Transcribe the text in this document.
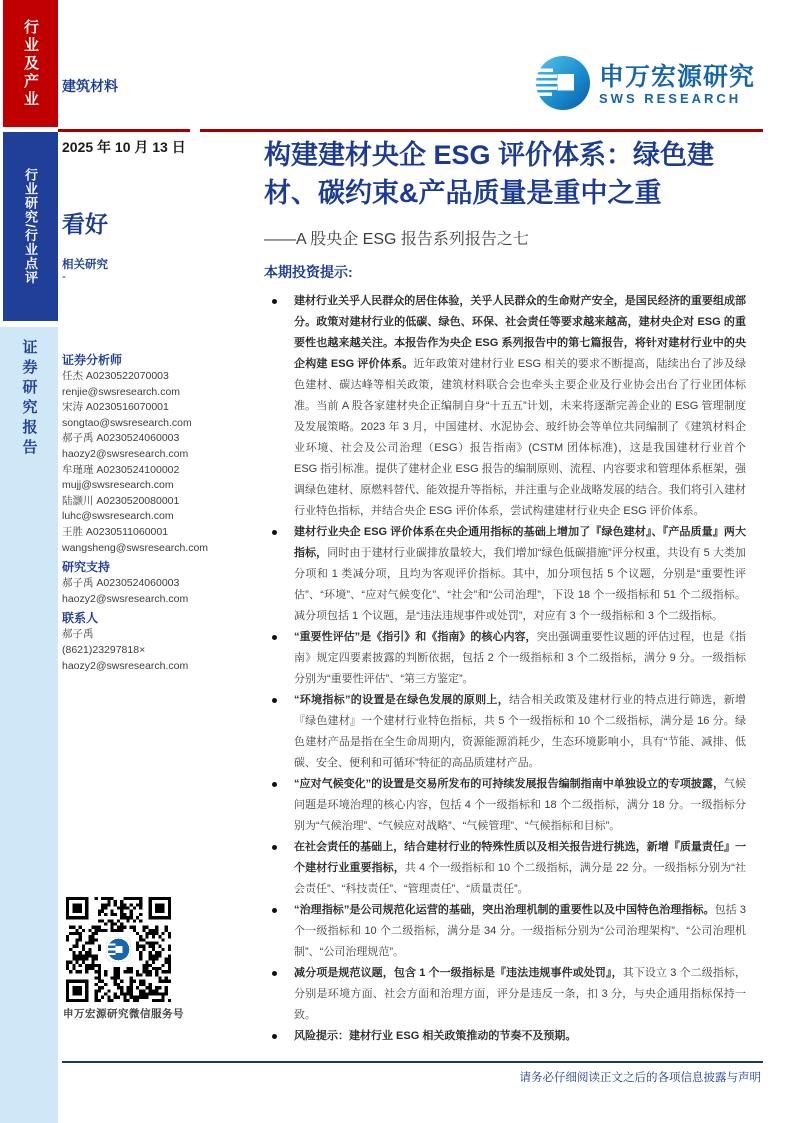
行业及产业
行业研究/行业点评
证券研究报告
建筑材料	申万宏源研究
SWS RESEARCH
2025 年 10 月 13 日
看好
相关研究
-
证券分析师
任杰 A0230522070003
renjie@swsresearch.com
宋涛 A0230516070001
songtao@swsresearch.com
郝子禹 A0230524060003
haozy2@swsresearch.com
牟瑾瑾 A0230524100002
mujj@swsresearch.com
陆灏川 A0230520080001
luhc@swsresearch.com
王胜 A0230511060001
wangsheng@swsresearch.com
研究支持
郝子禹 A0230524060003
haozy2@swsresearch.com
联系人
郝子禹
(8621)23297818×
haozy2@swsresearch.com
申万宏源研究微信服务号
构建建材央企 ESG 评价体系：绿色建材、碳约束&产品质量是重中之重
——A 股央企 ESG 报告系列报告之七
本期投资提示:
建材行业关乎人民群众的居住体验，关乎人民群众的生命财产安全，是国民经济的重要组成部分。政策对建材行业的低碳、绿色、环保、社会责任等要求越来越高，建材央企对 ESG 的重要性也越来越关注。本报告作为央企 ESG 系列报告中的第七篇报告，将针对建材行业中的央企构建 ESG 评价体系。近年政策对建材行业 ESG 相关的要求不断提高，陆续出台了涉及绿色建材、碳达峰等相关政策，建筑材料联合会也牵头主要企业及行业协会出台了行业团体标准。当前 A 股各家建材央企正编制自身“十五五”计划，未来将逐渐完善企业的 ESG 管理制度及发展策略。2023 年 3 月，中国建材、水泥协会、玻纤协会等单位共同编制了《建筑材料企业环境、社会及公司治理（ESG）报告指南》(CSTM 团体标准)，这是我国建材行业首个 ESG 指引标准。提供了建材企业 ESG 报告的编制原则、流程、内容要求和管理体系框架，强调绿色建材、原燃料替代、能效提升等指标，并注重与企业战略发展的结合。我们将引入建材行业特色指标，并结合央企 ESG 评价体系，尝试构建建材行业央企 ESG 评价体系。
建材行业央企 ESG 评价体系在央企通用指标的基础上增加了『绿色建材』、『产品质量』两大指标，同时由于建材行业碳排放量较大，我们增加“绿色低碳措施”评分权重，共设有 5 大类加分项和 1 类减分项，且均为客观评价指标。其中，加分项包括 5 个议题，分别是“重要性评估”、“环境”、“应对气候变化”、“社会”和“公司治理”，下设 18 个一级指标和 51 个二级指标。减分项包括 1 个议题，是“违法违规事件或处罚”，对应有 3 个一级指标和 3 个二级指标。
“重要性评估”是《指引》和《指南》的核心内容，突出强调重要性议题的评估过程，也是《指南》规定四要素披露的判断依据，包括 2 个一级指标和 3 个二级指标，满分 9 分。一级指标分别为“重要性评估”、“第三方鉴定”。
“环境指标”的设置是在绿色发展的原则上，结合相关政策及建材行业的特点进行筛选，新增『绿色建材』一个建材行业特色指标，共 5 个一级指标和 10 个二级指标，满分是 16 分。绿色建材产品是指在全生命周期内，资源能源消耗少，生态环境影响小，具有“节能、减排、低碳、安全、便利和可循环”特征的高品质建材产品。
“应对气候变化”的设置是交易所发布的可持续发展报告编制指南中单独设立的专项披露，气候问题是环境治理的核心内容，包括 4 个一级指标和 18 个二级指标，满分 18 分。一级指标分别为“气候治理”、“气候应对战略”、“气候管理”、“气候指标和目标”。
在社会责任的基础上，结合建材行业的特殊性质以及相关报告进行挑选，新增『质量责任』一个建材行业重要指标，共 4 个一级指标和 10 个二级指标，满分是 22 分。一级指标分别为“社会责任”、“科技责任”、“管理责任”、“质量责任”。
“治理指标”是公司规范化运营的基础，突出治理机制的重要性以及中国特色治理指标。包括 3 个一级指标和 10 个二级指标，满分是 34 分。一级指标分别为“公司治理架构”、“公司治理机制”、“公司治理规范”。
减分项是规范议题，包含 1 个一级指标是『违法违规事件或处罚』，其下设立 3 个二级指标，分别是环境方面、社会方面和治理方面，评分是违反一条，扣 3 分，与央企通用指标保持一致。
风险提示：建材行业 ESG 相关政策推动的节奏不及预期。
请务必仔细阅读正文之后的各项信息披露与声明
